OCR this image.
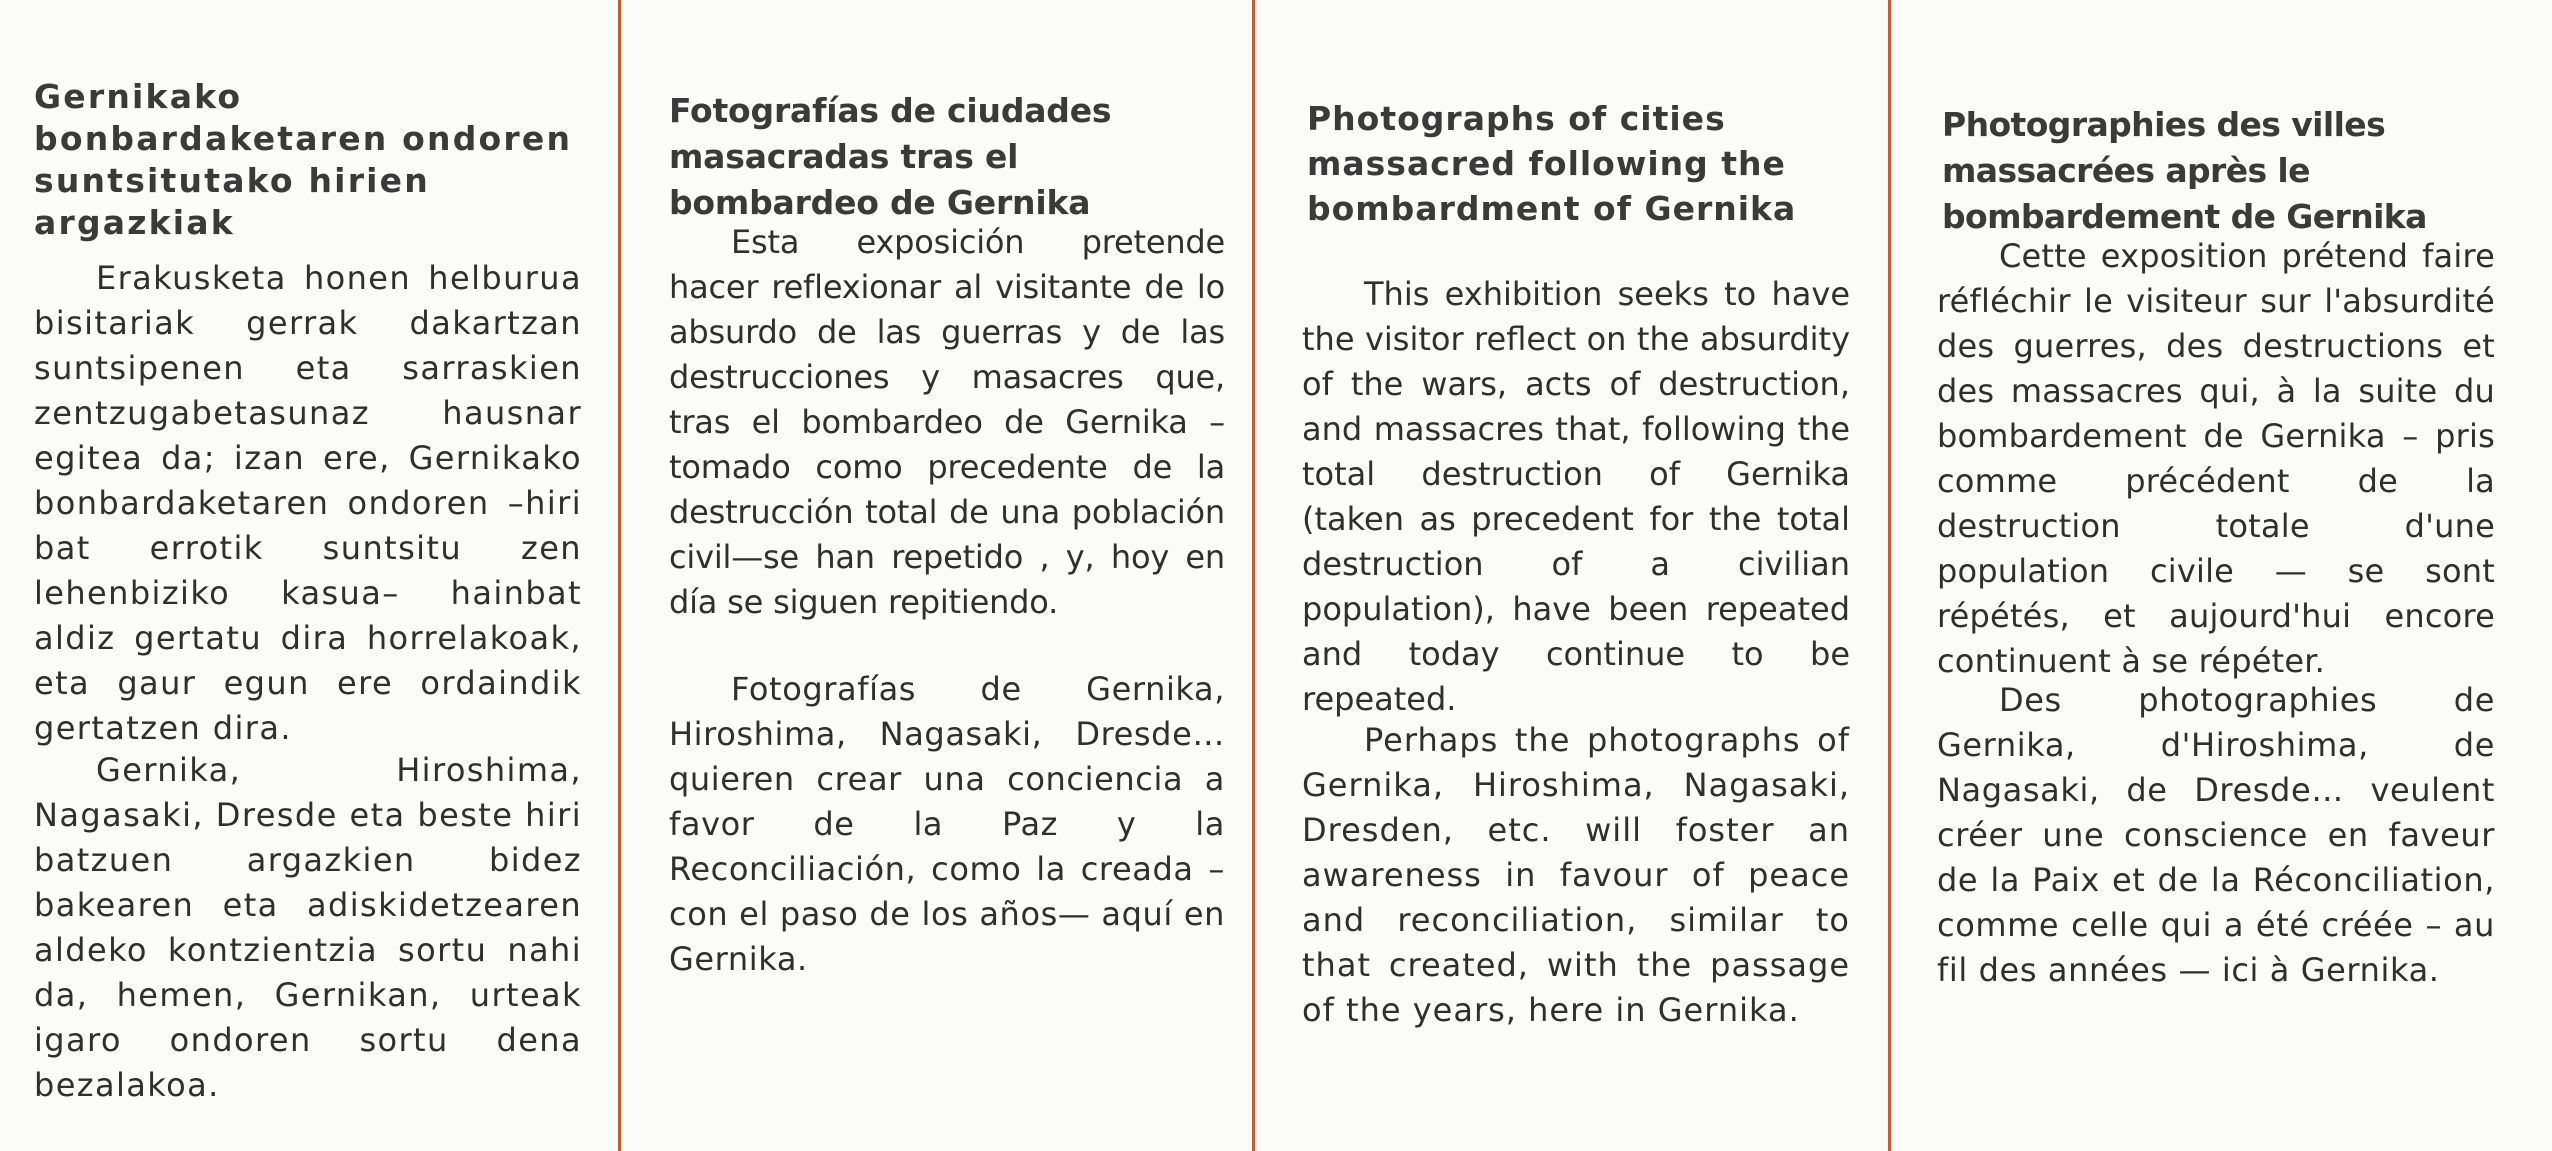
Gernikako bonbardaketaren ondoren suntsitutako hirien argazkiak

Erakusketa honen helburua bisitariak gerrak dakartzan suntsipenen eta sarraskien zentzugabetasunaz hausnar egitea da; izan ere, Gernikako bonbardaketaren ondoren –hiri bat errotik suntsitu zen lehenbiziko kasua– hainbat aldiz gertatu dira horrelakoak, eta gaur egun ere ordaindik gertatzen dira.

Gernika, Hiroshima, Nagasaki, Dresde eta beste hiri batzuen argazkien bidez bakearen eta adiskidetzearen aldeko kontzientzia sortu nahi da, hemen, Gernikan, urteak igaro ondoren sortu dena bezalakoa.

Fotografías de ciudades masacradas tras el bombardeo de Gernika

Esta exposición pretende hacer reflexionar al visitante de lo absurdo de las guerras y de las destrucciones y masacres que, tras el bombardeo de Gernika –tomado como precedente de la destrucción total de una población civil—se han repetido , y, hoy en día se siguen repitiendo.

Fotografías de Gernika, Hiroshima, Nagasaki, Dresde… quieren crear una conciencia a favor de la Paz y la Reconciliación, como la creada –con el paso de los años— aquí en Gernika.

Photographs of cities massacred following the bombardment of Gernika

This exhibition seeks to have the visitor reflect on the absurdity of the wars, acts of destruction, and massacres that, following the total destruction of Gernika (taken as precedent for the total destruction of a civilian population), have been repeated and today continue to be repeated.

Perhaps the photographs of Gernika, Hiroshima, Nagasaki, Dresden, etc. will foster an awareness in favour of peace and reconciliation, similar to that created, with the passage of the years, here in Gernika.

Photographies des villes massacrées après le bombardement de Gernika

Cette exposition prétend faire réfléchir le visiteur sur l'absurdité des guerres, des destructions et des massacres qui, à la suite du bombardement de Gernika – pris comme précédent de la destruction totale d'une population civile — se sont répétés, et aujourd'hui encore continuent à se répéter.

Des photographies de Gernika, d'Hiroshima, de Nagasaki, de Dresde… veulent créer une conscience en faveur de la Paix et de la Réconciliation, comme celle qui a été créée – au fil des années — ici à Gernika.
